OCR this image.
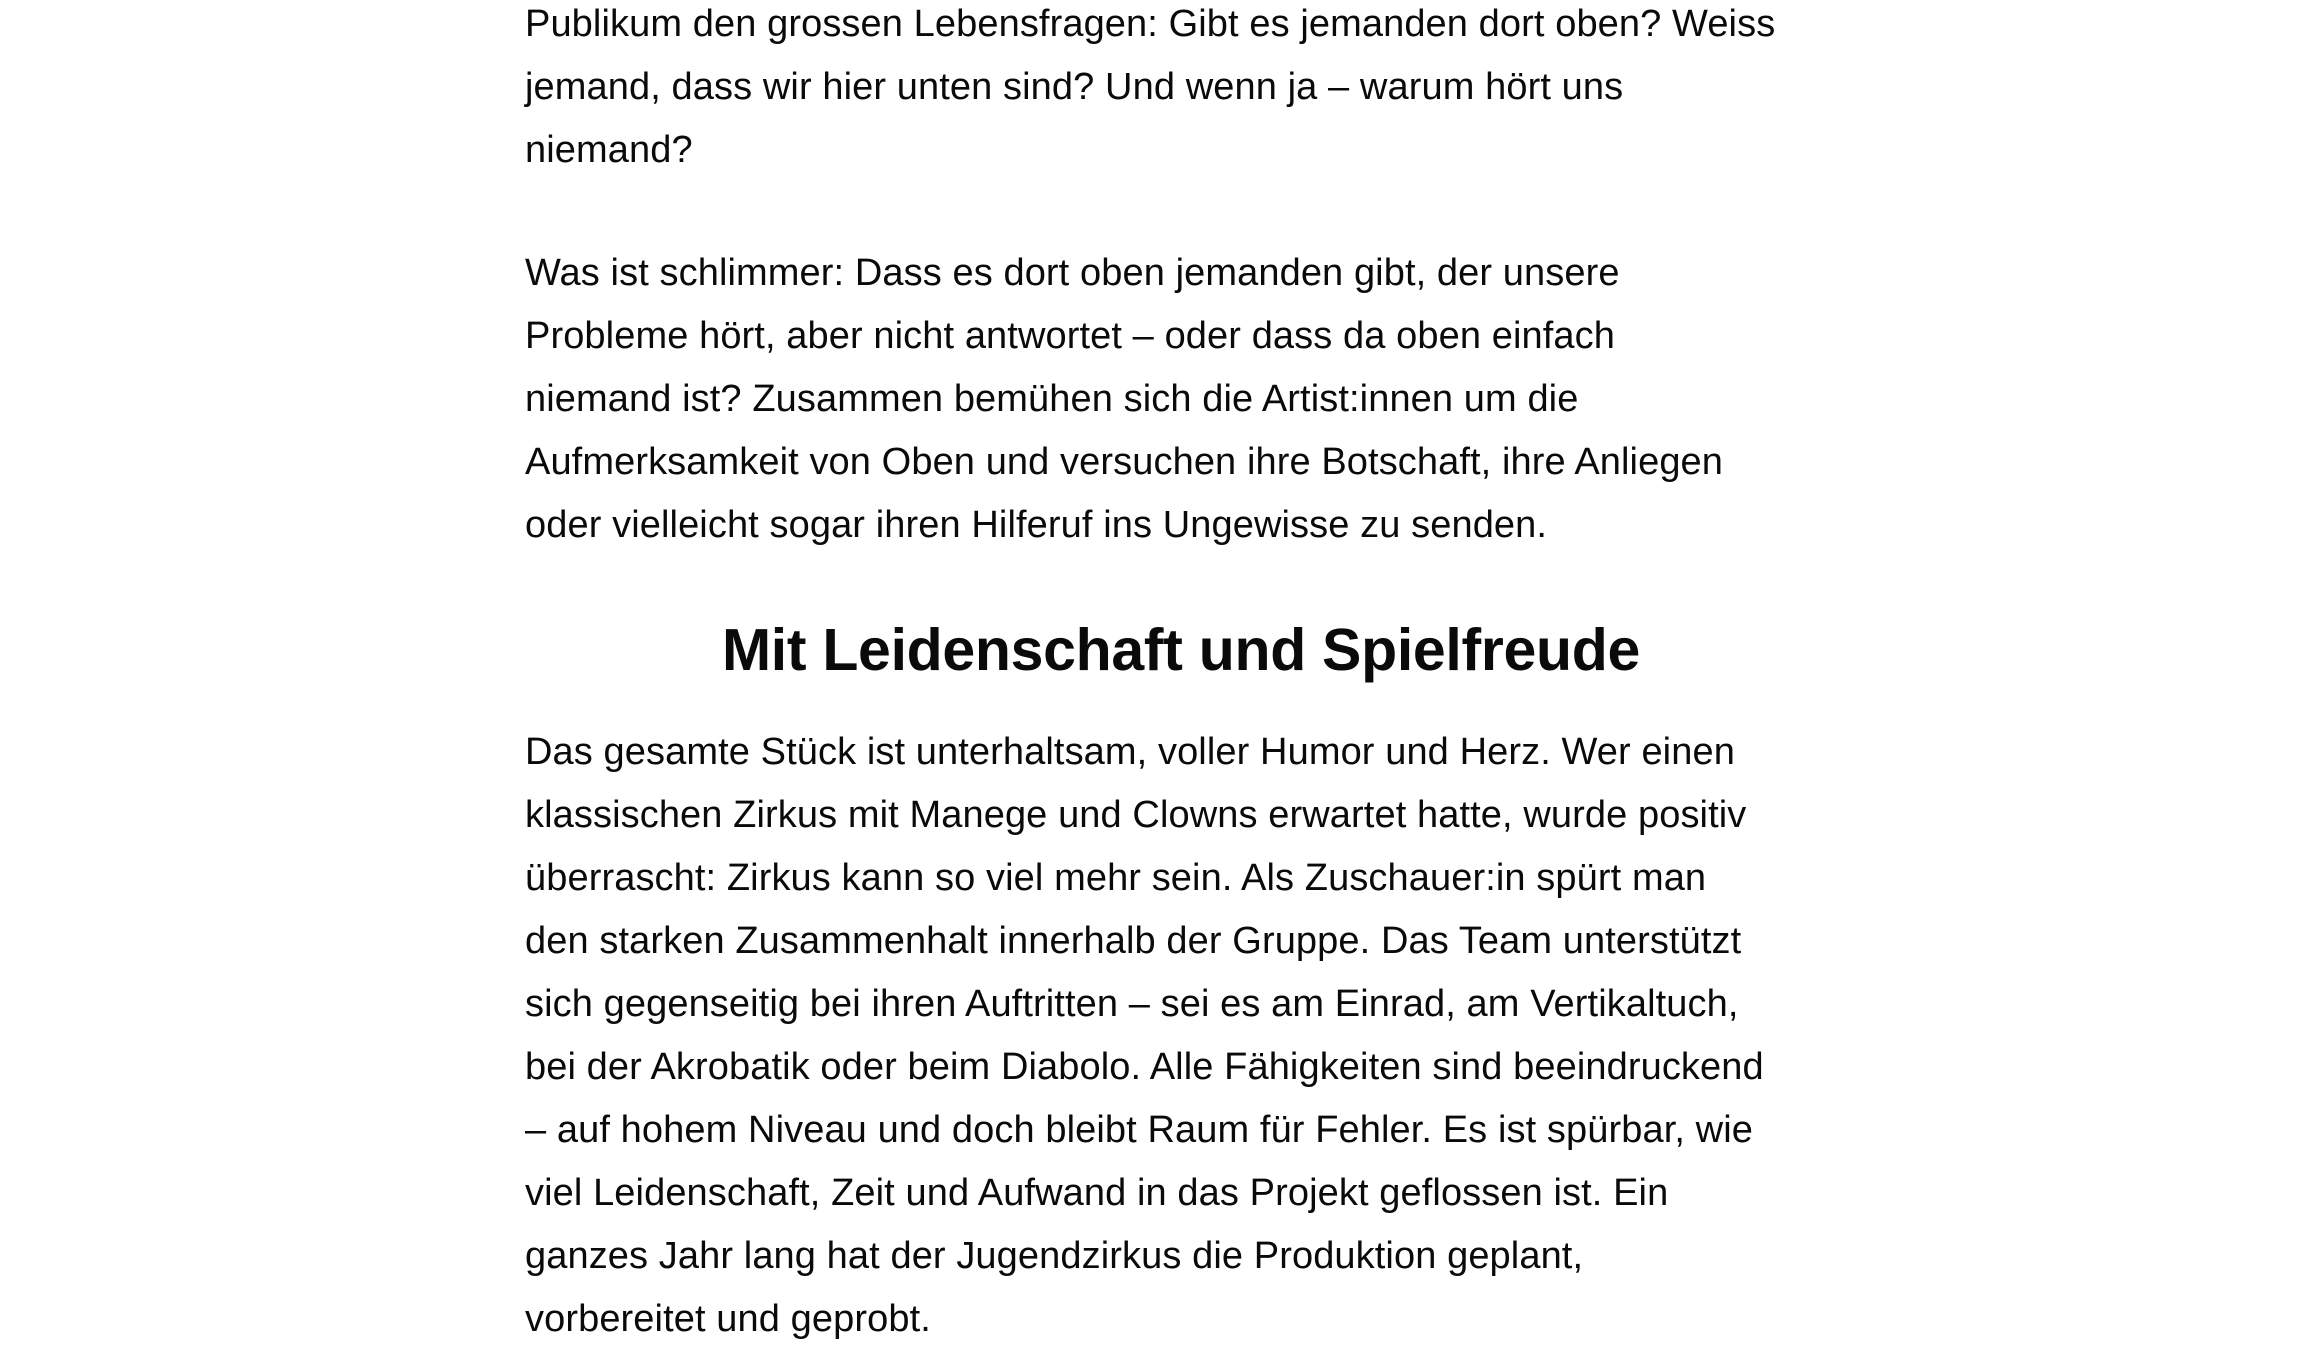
Publikum den grossen Lebensfragen: Gibt es jemanden dort oben? Weiss
jemand, dass wir hier unten sind? Und wenn ja – warum hört uns
niemand?

Was ist schlimmer: Dass es dort oben jemanden gibt, der unsere
Probleme hört, aber nicht antwortet – oder dass da oben einfach
niemand ist? Zusammen bemühen sich die Artist:innen um die
Aufmerksamkeit von Oben und versuchen ihre Botschaft, ihre Anliegen
oder vielleicht sogar ihren Hilferuf ins Ungewisse zu senden.

Mit Leidenschaft und Spielfreude

Das gesamte Stück ist unterhaltsam, voller Humor und Herz. Wer einen
klassischen Zirkus mit Manege und Clowns erwartet hatte, wurde positiv
überrascht: Zirkus kann so viel mehr sein. Als Zuschauer:in spürt man
den starken Zusammenhalt innerhalb der Gruppe. Das Team unterstützt
sich gegenseitig bei ihren Auftritten – sei es am Einrad, am Vertikaltuch,
bei der Akrobatik oder beim Diabolo. Alle Fähigkeiten sind beeindruckend
– auf hohem Niveau und doch bleibt Raum für Fehler. Es ist spürbar, wie
viel Leidenschaft, Zeit und Aufwand in das Projekt geflossen ist. Ein
ganzes Jahr lang hat der Jugendzirkus die Produktion geplant,
vorbereitet und geprobt.
